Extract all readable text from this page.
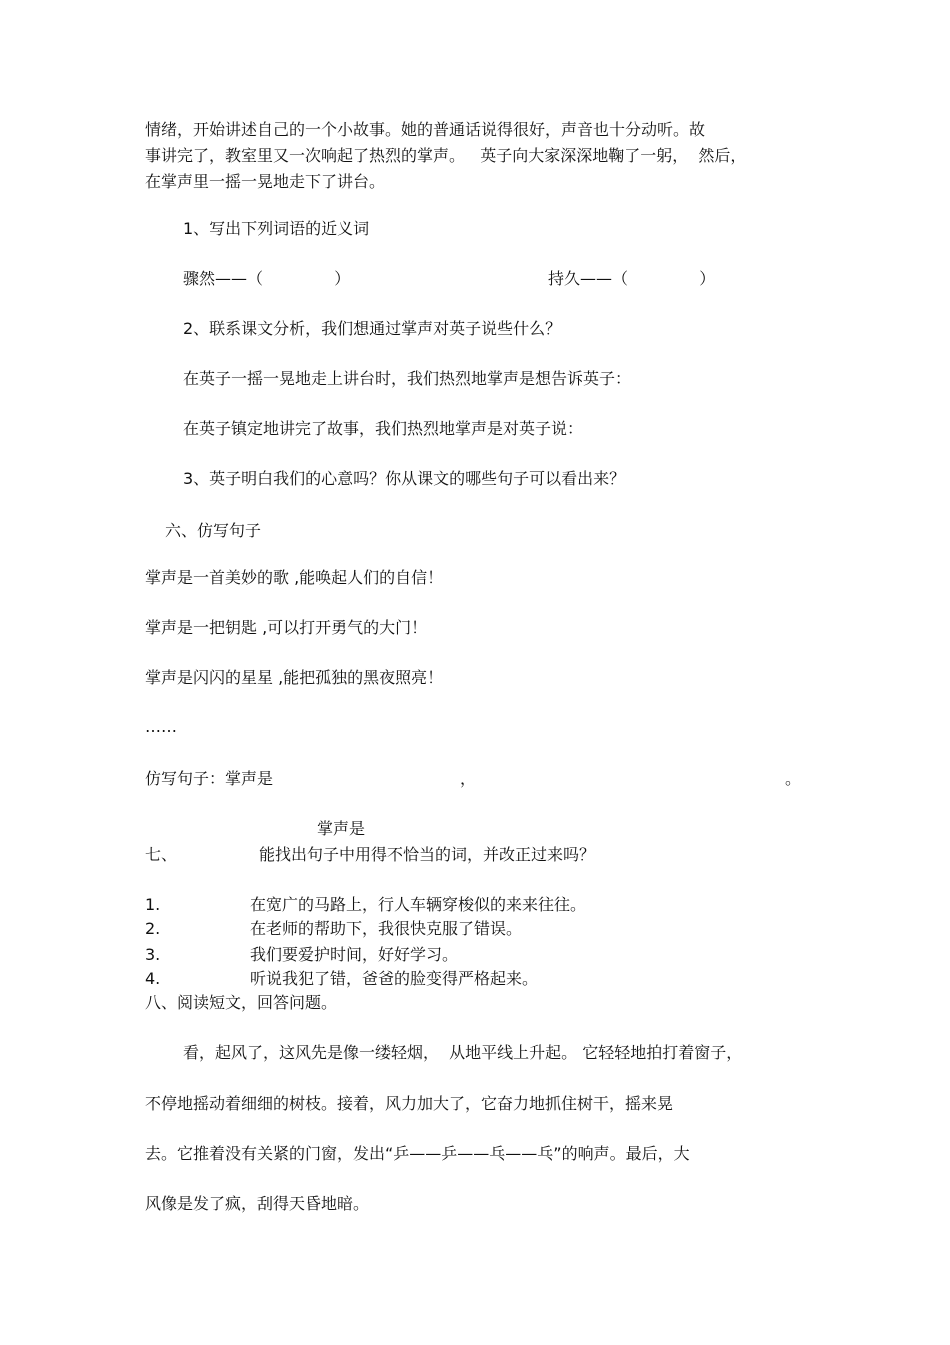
情绪，开始讲述自己的一个小故事。她的普通话说得很好，声音也十分动听。故

事讲完了，教室里又一次响起了热烈的掌声。   英子向大家深深地鞠了一躬，  然后，

在掌声里一摇一晃地走下了讲台。

1、写出下列词语的近义词

骤然——（              ）	持久——（              ）

2、联系课文分析，我们想通过掌声对英子说些什么？

在英子一摇一晃地走上讲台时，我们热烈地掌声是想告诉英子：

在英子镇定地讲完了故事，我们热烈地掌声是对英子说：

3、英子明白我们的心意吗？你从课文的哪些句子可以看出来？

六、仿写句子

掌声是一首美妙的歌 ,能唤起人们的自信！

掌声是一把钥匙 ,可以打开勇气的大门！

掌声是闪闪的星星 ,能把孤独的黑夜照亮！

……

仿写句子：掌声是	，	。

掌声是

七、	能找出句子中用得不恰当的词，并改正过来吗？

1.	在宽广的马路上，行人车辆穿梭似的来来往往。

2.	在老师的帮助下，我很快克服了错误。

3.	我们要爱护时间，好好学习。

4.	听说我犯了错，爸爸的脸变得严格起来。

八、阅读短文，回答问题。

看，起风了，这风先是像一缕轻烟，  从地平线上升起。 它轻轻地拍打着窗子，

不停地摇动着细细的树枝。接着，风力加大了，它奋力地抓住树干，摇来晃

去。它推着没有关紧的门窗，发出“乒——乒——乓——乓”的响声。最后，大

风像是发了疯，刮得天昏地暗。
